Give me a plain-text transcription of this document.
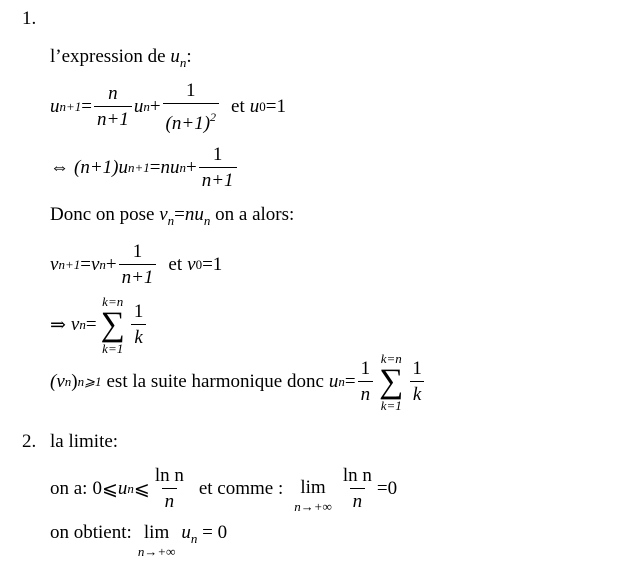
1.
l’expression de $u_n$:
u $n+1 = \frac{n}{n+1}$ u $n + \frac{1}{(n+1)^2}$ et u 0 = 1
⇔ (n+1) u n+1 = n u $n + \frac{1}{n+1}$
Donc on pose $v_n=nu_n$ on a alors:
v n+1 = v $n + \frac{1}{n+1}$ et v 0 = 1
⇒ v n =
k=n
∑
$k=1 \frac{1}{k}$
(v n ) n⩾1 est la suite harmonique donc u $n = \frac{1}{n} k=n$
∑
$k=1 \frac{1}{k}$
2. la limite:
on a: 0 ⩽ u n ⩽ $\frac{\text{ln n}}{n}$ et comme : lim
$n\to+\infty \frac{\text{ln n}}{n} = 0$
on obtient: lim
n→+∞
$u_n = 0$
